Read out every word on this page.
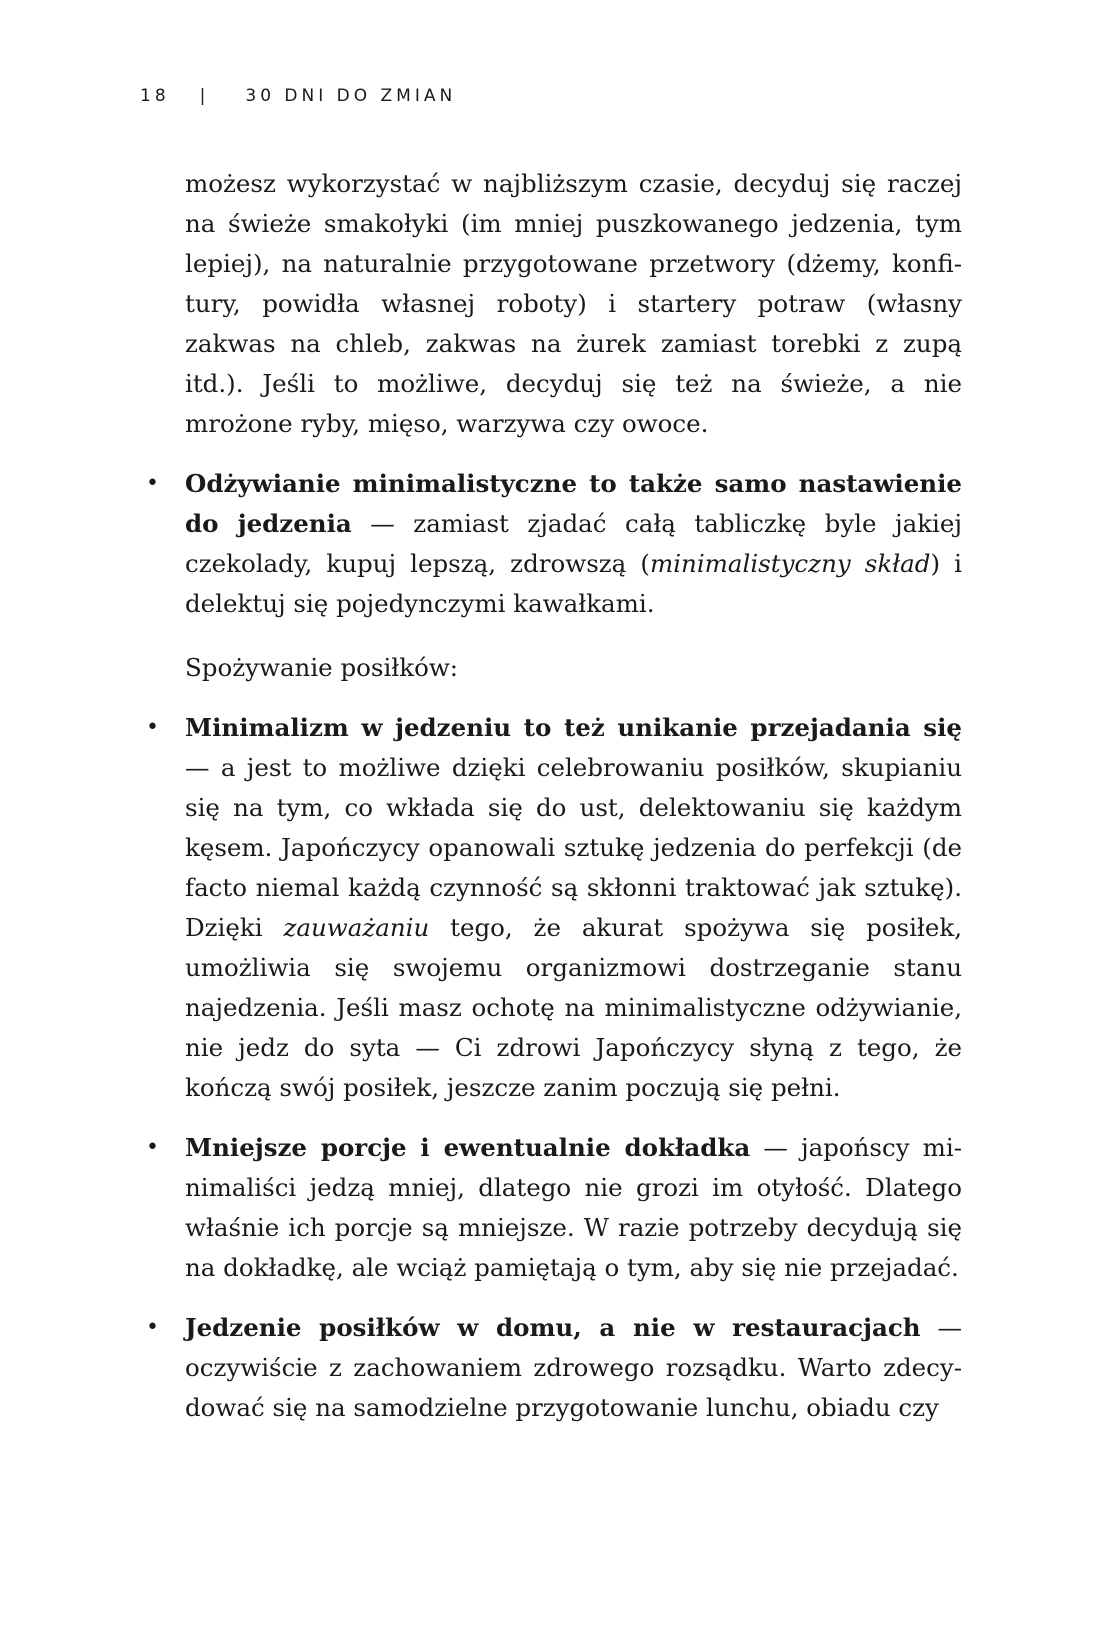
18 | 30 DNI DO ZMIAN

możesz wykorzystać w najbliższym czasie, decyduj się raczej na świeże smakołyki (im mniej puszkowanego jedzenia, tym lepiej), na naturalnie przygotowane przetwory (dżemy, konfitury, powidła własnej roboty) i startery potraw (własny zakwas na chleb, zakwas na żurek zamiast torebki z zupą itd.). Jeśli to możliwe, decyduj się też na świeże, a nie mrożone ryby, mięso, warzywa czy owoce.

• Odżywianie minimalistyczne to także samo nastawienie do jedzenia — zamiast zjadać całą tabliczkę byle jakiej czekolady, kupuj lepszą, zdrowszą (minimalistyczny skład) i delektuj się pojedynczymi kawałkami.

Spożywanie posiłków:

• Minimalizm w jedzeniu to też unikanie przejadania się — a jest to możliwe dzięki celebrowaniu posiłków, skupianiu się na tym, co wkłada się do ust, delektowaniu się każdym kęsem. Japończycy opanowali sztukę jedzenia do perfekcji (de facto niemal każdą czynność są skłonni traktować jak sztukę). Dzięki zauważaniu tego, że akurat spożywa się posiłek, umożliwia się swojemu organizmowi dostrzeganie stanu najedzenia. Jeśli masz ochotę na minimalistyczne odżywianie, nie jedz do syta — Ci zdrowi Japończycy słyną z tego, że kończą swój posiłek, jeszcze zanim poczują się pełni.
• Mniejsze porcje i ewentualnie dokładka — japońscy minimaliści jedzą mniej, dlatego nie grozi im otyłość. Dlatego właśnie ich porcje są mniejsze. W razie potrzeby decydują się na dokładkę, ale wciąż pamiętają o tym, aby się nie przejadać.
• Jedzenie posiłków w domu, a nie w restauracjach — oczywiście z zachowaniem zdrowego rozsądku. Warto zdecydować się na samodzielne przygotowanie lunchu, obiadu czy
